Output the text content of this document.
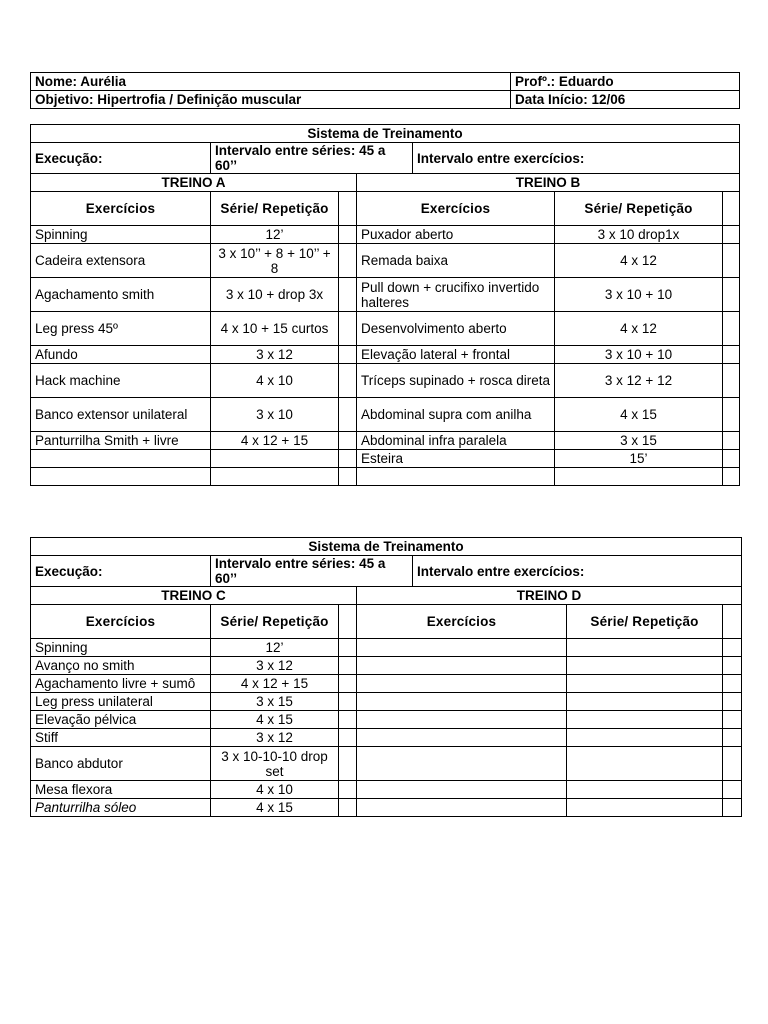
Nome: Aurélia	Profº.: Eduardo
Objetivo: Hipertrofia / Definição muscular	Data Início: 12/06
Sistema de Treinamento						
Execução:	Intervalo entre séries: 45 a 60’’			Intervalo entre exercícios:		
TREINO A			TREINO B			
Exercícios	Série/ Repetição		Exercícios		Série/ Repetição	
Spinning	12’		Puxador aberto		3 x 10 drop1x	
Cadeira extensora	3 x 10’’ + 8 + 10’’ + 8		Remada baixa		4 x 12	
Agachamento smith	3 x 10 + drop 3x		Pull down + crucifixo invertido halteres		3 x 10 + 10	
Leg press 45º	4 x 10 + 15 curtos		Desenvolvimento aberto		4 x 12	
Afundo	3 x 12		Elevação lateral + frontal		3 x 10 + 10	
Hack machine	4 x 10		Tríceps supinado + rosca direta		3 x 12 + 12	
Banco extensor unilateral	3 x 10		Abdominal supra com anilha		4 x 15	
Panturrilha Smith + livre	4 x 12 + 15		Abdominal infra paralela		3 x 15	
			Esteira		15’	

Sistema de Treinamento						
Execução:	Intervalo entre séries: 45 a 60’’			Intervalo entre exercícios:		
TREINO C			TREINO D			
Exercícios	Série/ Repetição		Exercícios		Série/ Repetição	
Spinning	12’					
Avanço no smith	3 x 12					
Agachamento livre + sumô	4 x 12 + 15					
Leg press unilateral	3 x 15					
Elevação pélvica	4 x 15					
Stiff	3 x 12					
Banco abdutor	3 x 10-10-10 drop set					
Mesa flexora	4 x 10					
Panturrilha sóleo	4 x 15					
